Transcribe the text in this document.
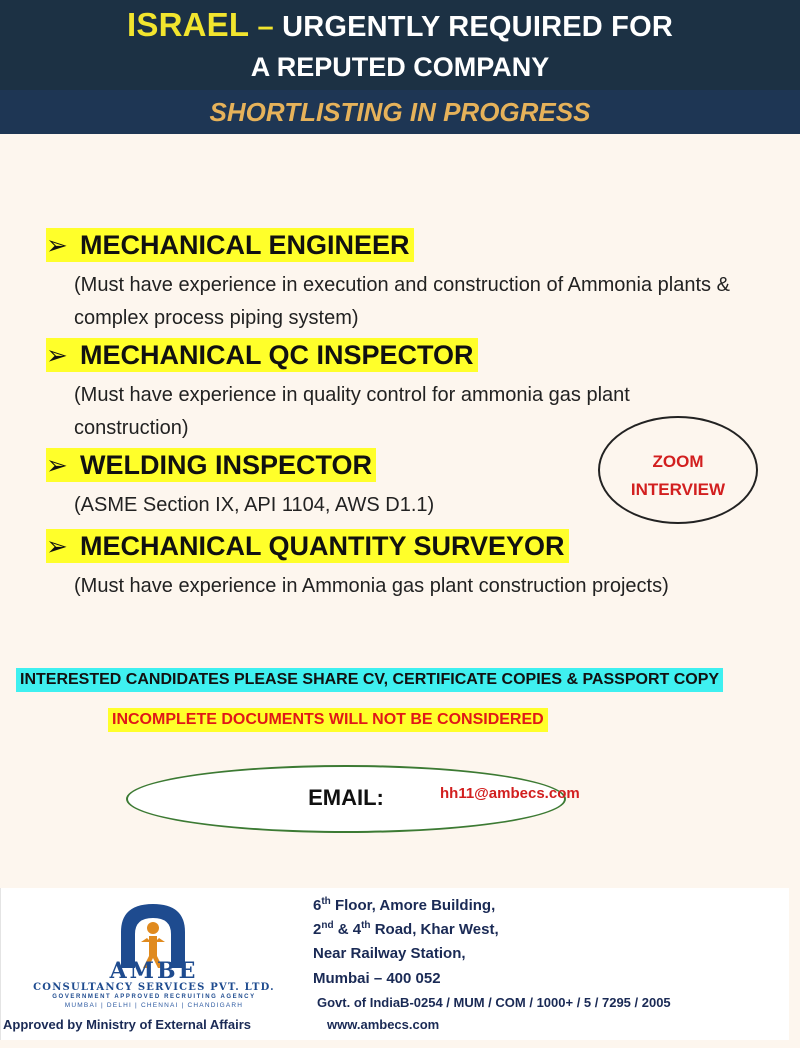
ISRAEL – URGENTLY REQUIRED FOR
A REPUTED COMPANY
SHORTLISTING IN PROGRESS
➢ MECHANICAL ENGINEER
(Must have experience in execution and construction of Ammonia plants & complex process piping system)
➢ MECHANICAL QC INSPECTOR
(Must have experience in quality control for ammonia gas plant construction)
➢ WELDING INSPECTOR
(ASME Section IX, API 1104, AWS D1.1)
➢ MECHANICAL QUANTITY SURVEYOR
(Must have experience in Ammonia gas plant construction projects)
ZOOM
INTERVIEW
INTERESTED CANDIDATES PLEASE SHARE CV, CERTIFICATE COPIES & PASSPORT COPY
INCOMPLETE DOCUMENTS WILL NOT BE CONSIDERED
EMAIL:	hh11@ambecs.com
AMBE
CONSULTANCY SERVICES PVT. LTD.
GOVERNMENT APPROVED RECRUITING AGENCY
MUMBAI | DELHI | CHENNAI | CHANDIGARH
6th Floor, Amore Building,
2nd & 4th Road, Khar West,
Near Railway Station,
Mumbai – 400 052
Govt. of IndiaB-0254 / MUM / COM / 1000+ / 5 / 7295 / 2005
Approved by Ministry of External Affairs	www.ambecs.com
